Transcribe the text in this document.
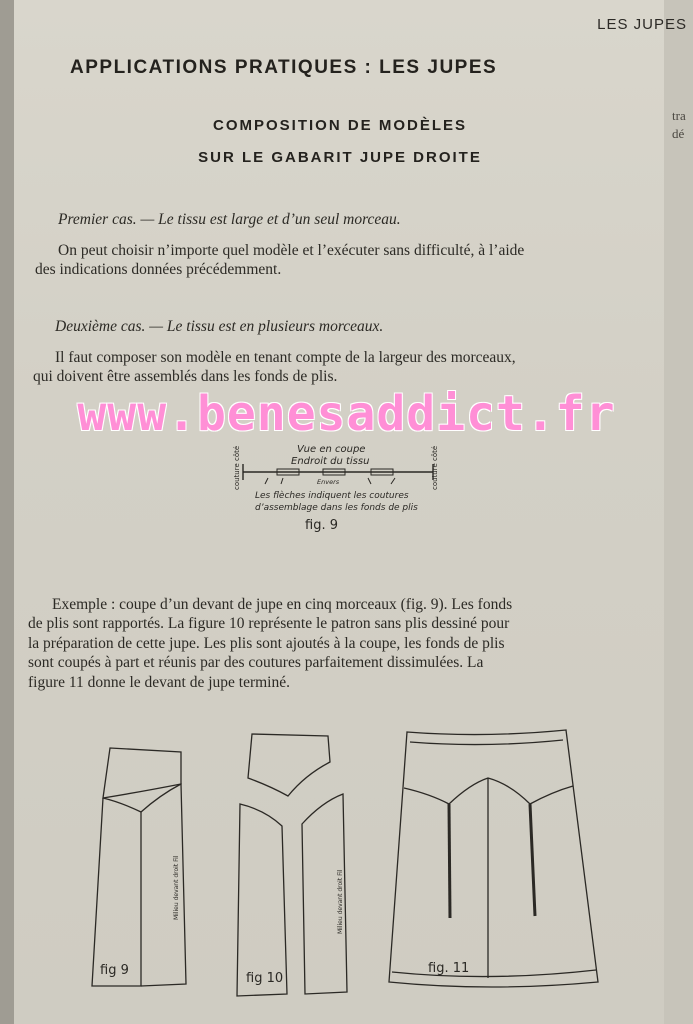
tra
dé
LES JUPES
APPLICATIONS PRATIQUES : LES JUPES
COMPOSITION DE MODÈLES
SUR LE GABARIT JUPE DROITE
Premier cas. — Le tissu est large et d’un seul morceau.
On peut choisir n’importe quel modèle et l’exécuter sans difficulté, à l’aide
des indications données précédemment.
Deuxième cas. — Le tissu est en plusieurs morceaux.
Il faut composer son modèle en tenant compte de la largeur des morceaux,
qui doivent être assemblés dans les fonds de plis.
www.benesaddict.fr
Vue en coupe
Endroit du tissu
couture côté	couture côté
Envers
Les flèches indiquent les coutures
d’assemblage dans les fonds de plis
fig. 9
Exemple : coupe d’un devant de jupe en cinq morceaux (fig. 9). Les fonds
de plis sont rapportés. La figure 10 représente le patron sans plis dessiné pour
la préparation de cette jupe. Les plis sont ajoutés à la coupe, les fonds de plis
sont coupés à part et réunis par des coutures parfaitement dissimulées. La
figure 11 donne le devant de jupe terminé.
fig 9
Milieu devant droit Fil
fig 10
Milieu devant droit Fil
fig. 11
